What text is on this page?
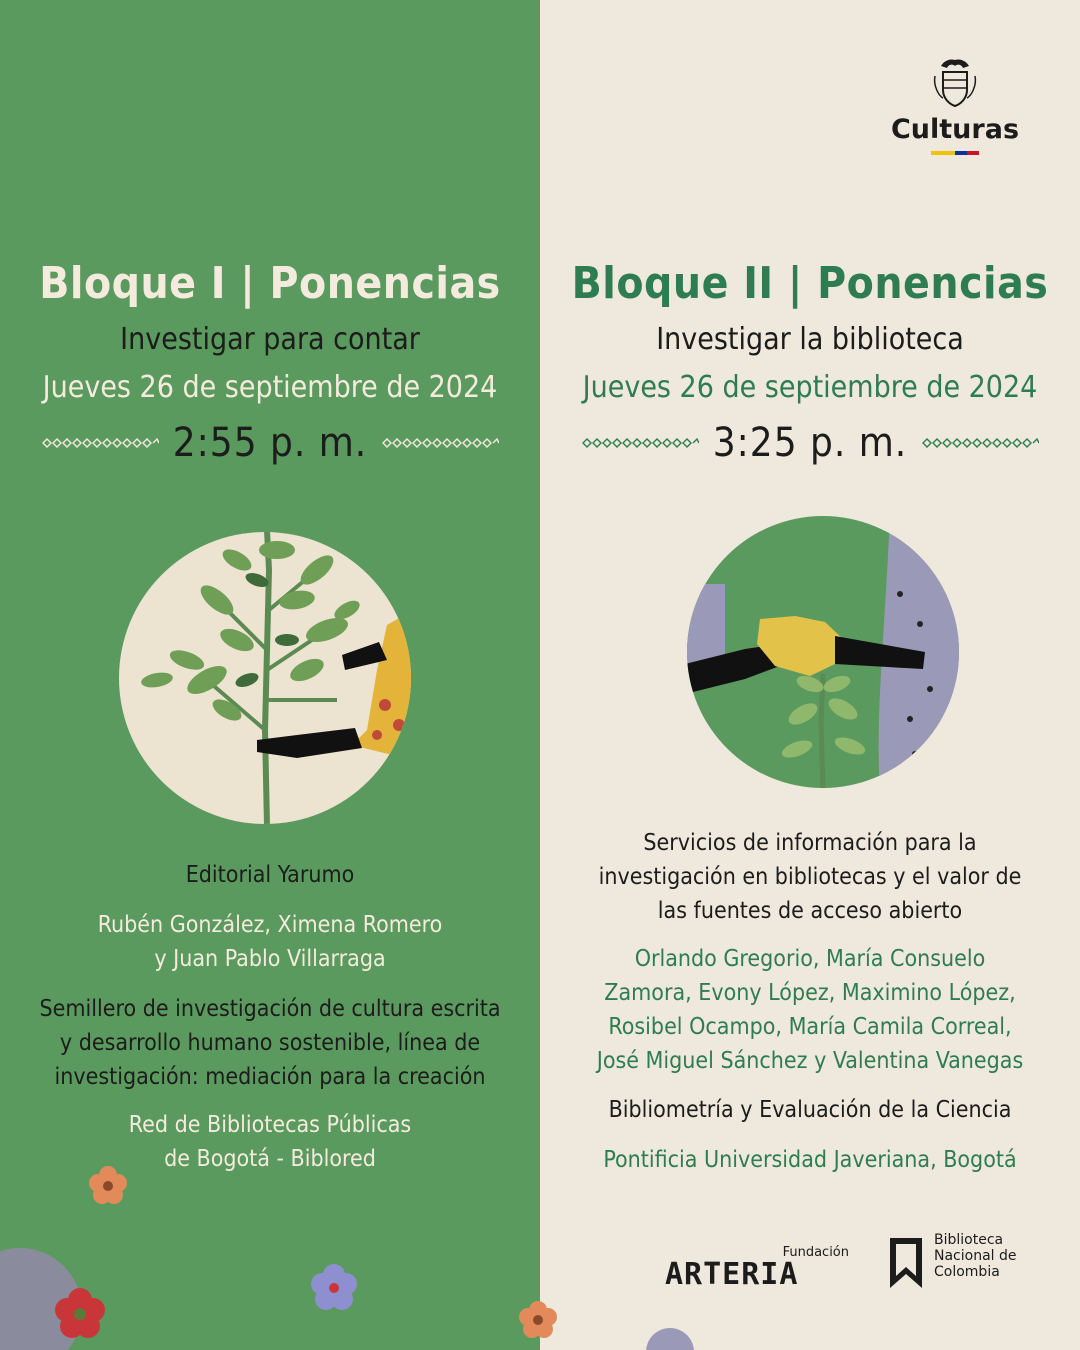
Bloque I | Ponencias
Investigar para contar
Jueves 26 de septiembre de 2024
2:55 p. m.
Editorial Yarumo
Rubén González, Ximena Romero
y Juan Pablo Villarraga
Semillero de investigación de cultura escrita
y desarrollo humano sostenible, línea de
investigación: mediación para la creación
Red de Bibliotecas Públicas
de Bogotá - Biblored
Culturas
Bloque II | Ponencias
Investigar la biblioteca
Jueves 26 de septiembre de 2024
3:25 p. m.
Servicios de información para la
investigación en bibliotecas y el valor de
las fuentes de acceso abierto
Orlando Gregorio, María Consuelo
Zamora, Evony López, Maximino López,
Rosibel Ocampo, María Camila Correal,
José Miguel Sánchez y Valentina Vanegas
Bibliometría y Evaluación de la Ciencia
Pontificia Universidad Javeriana, Bogotá
Fundación
ARTERIA
Biblioteca
Nacional de
Colombia
